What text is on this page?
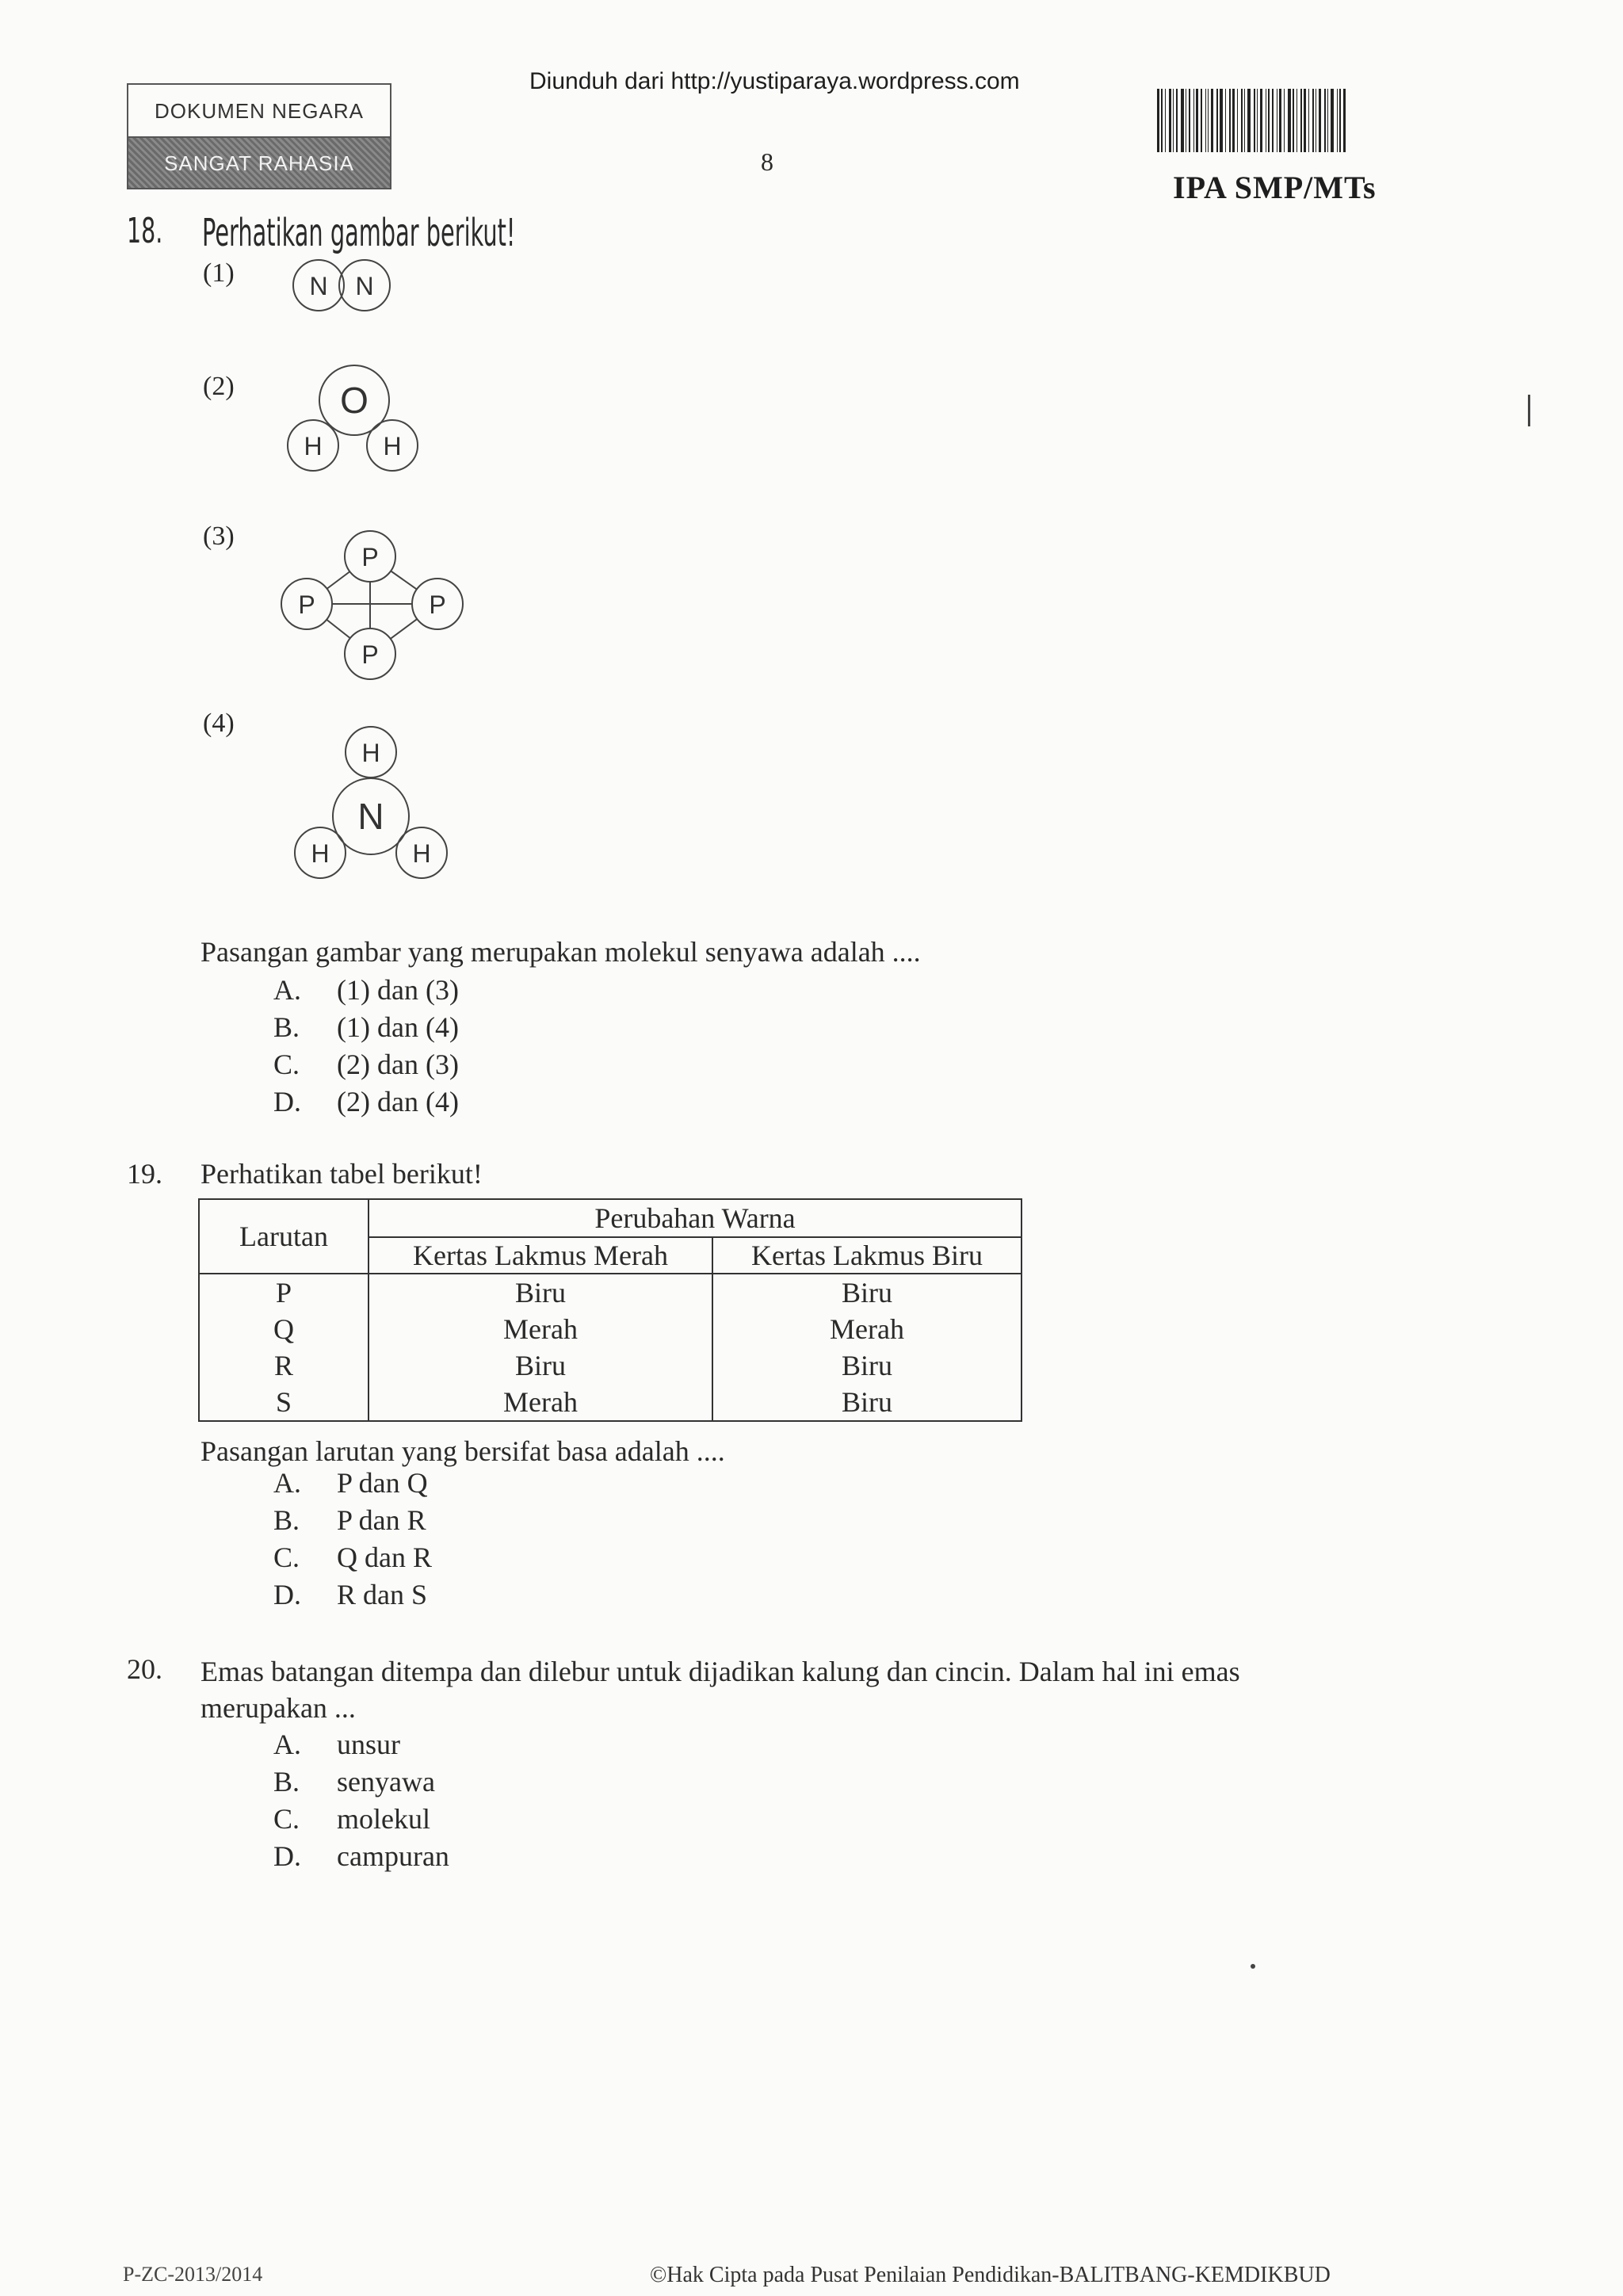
DOKUMEN NEGARA
SANGAT RAHASIA
Diunduh dari http://yustiparaya.wordpress.com
8
IPA SMP/MTs
18. Perhatikan gambar berikut!
(1)	N N
(2)	O
H H
(3)
P
P	P
P
(4)
H
N
H	H
Pasangan gambar yang merupakan molekul senyawa adalah ....
A.	(1) dan (3)
B.	(1) dan (4)
C.	(2) dan (3)
D.	(2) dan (4)
19. Perhatikan tabel berikut!
Larutan	Perubahan Warna	
	Kertas Lakmus Merah	Kertas Lakmus Biru
P	Biru	Biru
Q	Merah	Merah
R	Biru	Biru
S	Merah	Biru
Pasangan larutan yang bersifat basa adalah ....
A.	P dan Q
B.	P dan R
C.	Q dan R
D.	R dan S
20. Emas batangan ditempa dan dilebur untuk dijadikan kalung dan cincin. Dalam hal ini emas
merupakan ...
A.	unsur
B.	senyawa
C.	molekul
D.	campuran
P-ZC-2013/2014	©Hak Cipta pada Pusat Penilaian Pendidikan-BALITBANG-KEMDIKBUD
